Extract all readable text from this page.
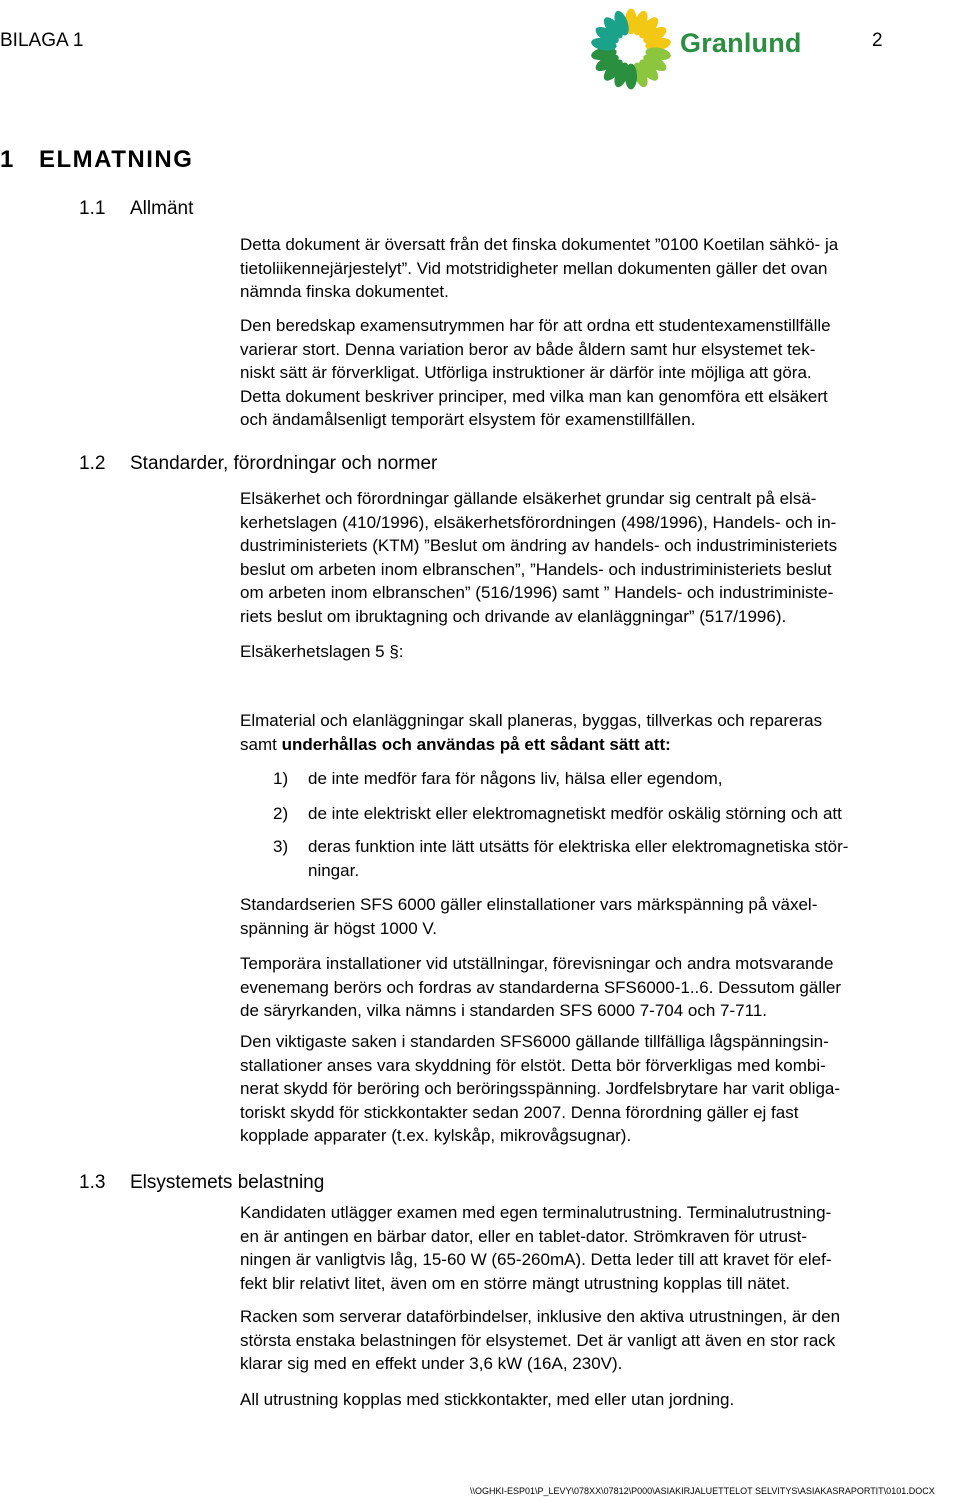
BILAGA 1	Granlund	2
1 ELMATNING
1.1 Allmänt

Detta dokument är översatt från det finska dokumentet ”0100 Koetilan sähkö- ja

tietoliikennejärjestelyt”. Vid motstridigheter mellan dokumenten gäller det ovan

nämnda finska dokumentet.

Den beredskap examensutrymmen har för att ordna ett studentexamenstillfälle

varierar stort. Denna variation beror av både åldern samt hur elsystemet tek-

niskt sätt är förverkligat. Utförliga instruktioner är därför inte möjliga att göra.

Detta dokument beskriver principer, med vilka man kan genomföra ett elsäkert

och ändamålsenligt temporärt elsystem för examenstillfällen.

1.2 Standarder, förordningar och normer

Elsäkerhet och förordningar gällande elsäkerhet grundar sig centralt på elsä-

kerhetslagen (410/1996), elsäkerhetsförordningen (498/1996), Handels- och in-

dustriministeriets (KTM) ”Beslut om ändring av handels- och industriministeriets

beslut om arbeten inom elbranschen”, ”Handels- och industriministeriets beslut

om arbeten inom elbranschen” (516/1996) samt ” Handels- och industriministe-

riets beslut om ibruktagning och drivande av elanläggningar” (517/1996).

Elsäkerhetslagen 5 §:

Elmaterial och elanläggningar skall planeras, byggas, tillverkas och repareras

samt underhållas och användas på ett sådant sätt att:

1) de inte medför fara för någons liv, hälsa eller egendom,
2) de inte elektriskt eller elektromagnetiskt medför oskälig störning och att
3) deras funktion inte lätt utsätts för elektriska eller elektromagnetiska stör-
ningar.

Standardserien SFS 6000 gäller elinstallationer vars märkspänning på växel-

spänning är högst 1000 V.

Temporära installationer vid utställningar, förevisningar och andra motsvarande

evenemang berörs och fordras av standarderna SFS6000-1..6. Dessutom gäller

de säryrkanden, vilka nämns i standarden SFS 6000 7-704 och 7-711.

Den viktigaste saken i standarden SFS6000 gällande tillfälliga lågspänningsin-

stallationer anses vara skyddning för elstöt. Detta bör förverkligas med kombi-

nerat skydd för beröring och beröringsspänning. Jordfelsbrytare har varit obliga-

toriskt skydd för stickkontakter sedan 2007. Denna förordning gäller ej fast

kopplade apparater (t.ex. kylskåp, mikrovågsugnar).

1.3 Elsystemets belastning

Kandidaten utlägger examen med egen terminalutrustning. Terminalutrustning-

en är antingen en bärbar dator, eller en tablet-dator. Strömkraven för utrust-

ningen är vanligtvis låg, 15-60 W (65-260mA). Detta leder till att kravet för elef-

fekt blir relativt litet, även om en större mängt utrustning kopplas till nätet.

Racken som serverar dataförbindelser, inklusive den aktiva utrustningen, är den

största enstaka belastningen för elsystemet. Det är vanligt att även en stor rack

klarar sig med en effekt under 3,6 kW (16A, 230V).

All utrustning kopplas med stickkontakter, med eller utan jordning.

\\OGHKI-ESP01\P_LEVY\078XX\07812\P000\ASIAKIRJALUETTELOT SELVITYS\ASIAKASRAPORTIT\0101.DOCX
